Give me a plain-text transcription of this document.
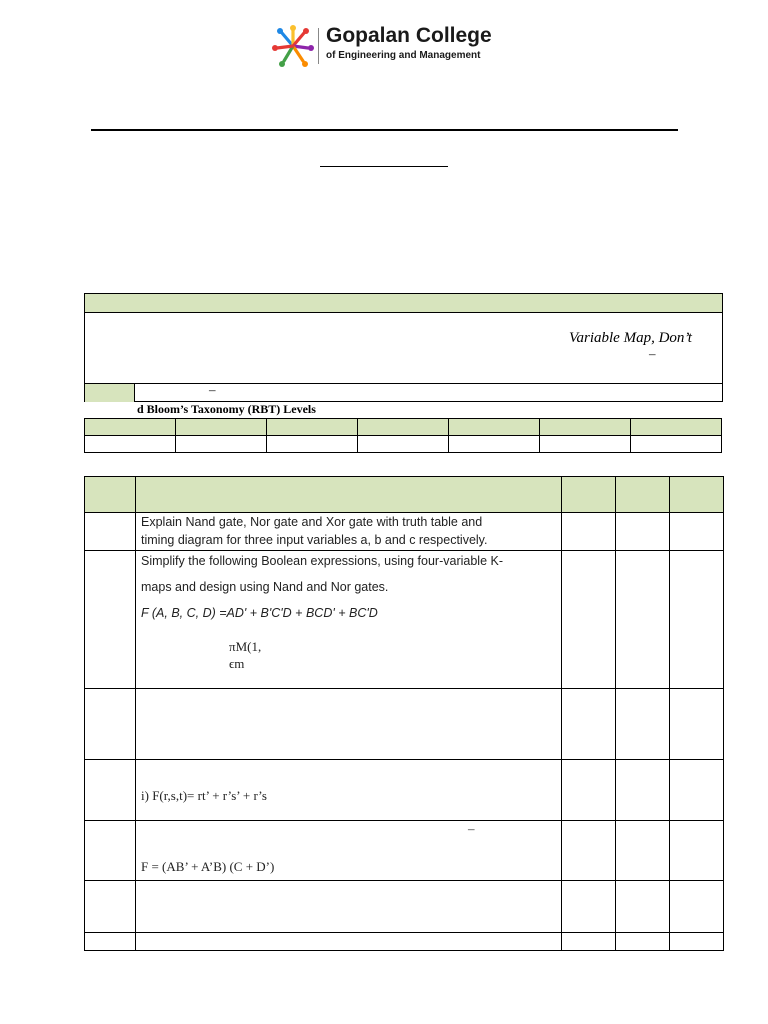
Gopalan College
of Engineering and Management
Variable Map, Don’t
–
–
d Bloom’s Taxonomy (RBT) Levels

	Explain Nand gate, Nor gate and Xor gate with truth table and
timing diagram for three input variables a, b and c respectively.			

	Simplify the following Boolean expressions, using four-variable K-
maps and design using Nand and Nor gates.
F (A, B, C, D) =AD' + B'C'D + BCD' + BC'D
πM(1,
ϵm			

	i) F(r,s,t)= rt’ + r’s’ + r’s			

	–
F = (AB’ + A’B) (C + D’)			
